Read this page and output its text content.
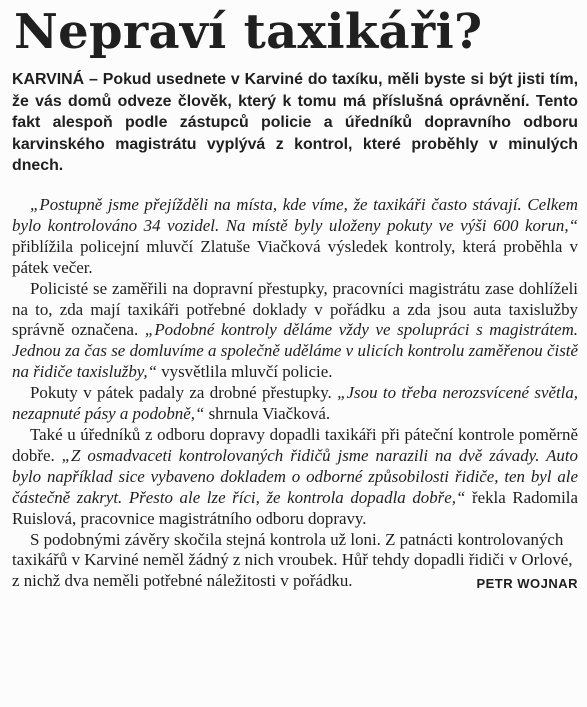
Nepraví taxikáři?

KARVINÁ – Pokud usednete v Karviné do taxíku, měli byste si být jisti tím, že vás domů odveze člověk, který k tomu má příslušná oprávnění. Tento fakt alespoň podle zástupců policie a úředníků dopravního odboru karvinského magistrátu vyplývá z kontrol, které proběhly v minulých dnech.

„Postupně jsme přejížděli na místa, kde víme, že taxikáři často stávají. Celkem bylo kontrolováno 34 vozidel. Na místě byly uloženy pokuty ve výši 600 korun,“ přiblížila policejní mluvčí Zlatuše Viačková výsledek kontroly, která proběhla v pátek večer.

Policisté se zaměřili na dopravní přestupky, pracovníci magistrátu zase dohlíželi na to, zda mají taxikáři potřebné doklady v pořádku a zda jsou auta taxislužby správně označena. „Podobné kontroly děláme vždy ve spolupráci s magistrátem. Jednou za čas se domluvíme a společně uděláme v ulicích kontrolu zaměřenou čistě na řidiče taxislužby,“ vysvětlila mluvčí policie.

Pokuty v pátek padaly za drobné přestupky. „Jsou to třeba nerozsvícené světla, nezapnuté pásy a podobně,“ shrnula Viačková.

Také u úředníků z odboru dopravy dopadli taxikáři při páteční kontrole poměrně dobře. „Z osmadvaceti kontrolovaných řidičů jsme narazili na dvě závady. Auto bylo například sice vybaveno dokladem o odborné způsobilosti řidiče, ten byl ale částečně zakryt. Přesto ale lze říci, že kontrola dopadla dobře,“ řekla Radomila Ruislová, pracovnice magistrátního odboru dopravy.

S podobnými závěry skočila stejná kontrola už loni. Z patnácti kontrolovaných taxikářů v Karviné neměl žádný z nich vroubek. Hůř tehdy dopadli řidiči v Orlové, z nichž dva neměli potřebné náležitosti v pořádku.	PETR WOJNAR
